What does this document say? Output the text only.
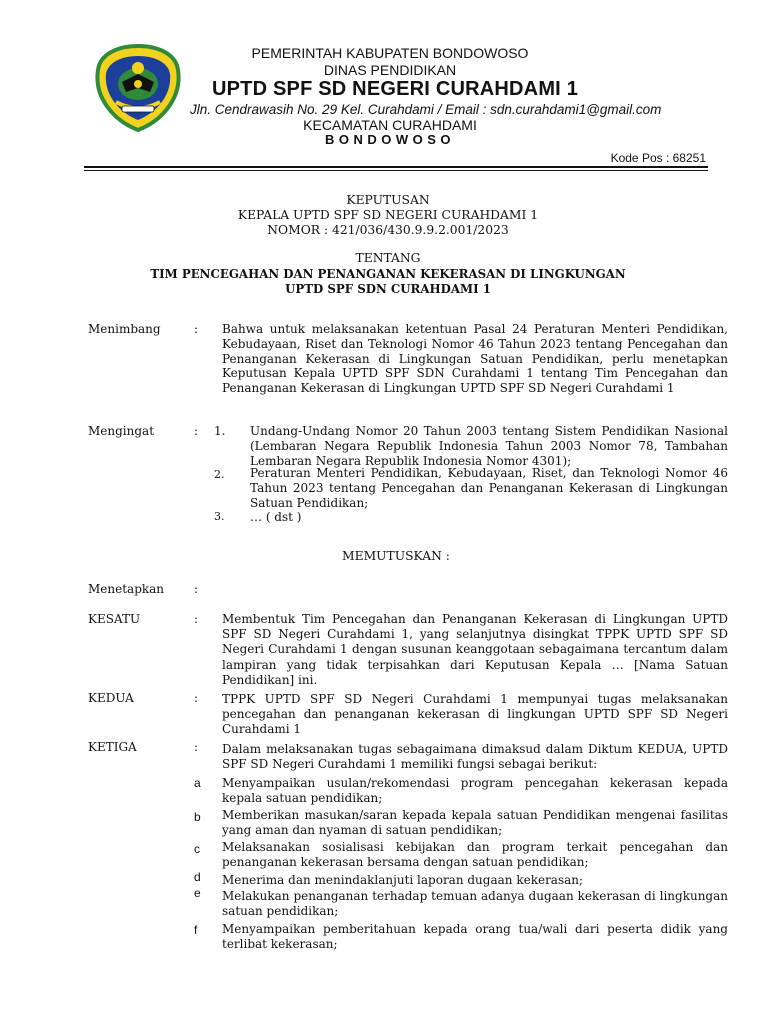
PEMERINTAH KABUPATEN BONDOWOSO
DINAS PENDIDIKAN
UPTD SPF SD NEGERI CURAHDAMI 1
Jln. Cendrawasih No. 29 Kel. Curahdami / Email : sdn.curahdami1@gmail.com
KECAMATAN CURAHDAMI
BONDOWOSO
Kode Pos : 68251
KEPUTUSAN
KEPALA UPTD SPF SD NEGERI CURAHDAMI 1
NOMOR : 421/036/430.9.9.2.001/2023
TENTANG
TIM PENCEGAHAN DAN PENANGANAN KEKERASAN DI LINGKUNGAN
UPTD SPF SDN CURAHDAMI 1
Menimbang	: Bahwa untuk melaksanakan ketentuan Pasal 24 Peraturan Menteri Pendidikan, Kebudayaan, Riset dan Teknologi Nomor 46 Tahun 2023 tentang Pencegahan dan Penanganan Kekerasan di Lingkungan Satuan Pendidikan, perlu menetapkan Keputusan Kepala UPTD SPF SDN Curahdami 1 tentang Tim Pencegahan dan Penanganan Kekerasan di Lingkungan UPTD SPF SD Negeri Curahdami 1
Mengingat	: 1. Undang-Undang Nomor 20 Tahun 2003 tentang Sistem Pendidikan Nasional (Lembaran Negara Republik Indonesia Tahun 2003 Nomor 78, Tambahan Lembaran Negara Republik Indonesia Nomor 4301);
2. Peraturan Menteri Pendidikan, Kebudayaan, Riset, dan Teknologi Nomor 46 Tahun 2023 tentang Pencegahan dan Penanganan Kekerasan di Lingkungan Satuan Pendidikan;
3. … ( dst )
MEMUTUSKAN :
Menetapkan :
KESATU	: Membentuk Tim Pencegahan dan Penanganan Kekerasan di Lingkungan UPTD SPF SD Negeri Curahdami 1, yang selanjutnya disingkat TPPK UPTD SPF SD Negeri Curahdami 1 dengan susunan keanggotaan sebagaimana tercantum dalam lampiran yang tidak terpisahkan dari Keputusan Kepala … [Nama Satuan Pendidikan] ini.
KEDUA	: TPPK UPTD SPF SD Negeri Curahdami 1 mempunyai tugas melaksanakan pencegahan dan penanganan kekerasan di lingkungan UPTD SPF SD Negeri Curahdami 1
KETIGA	: Dalam melaksanakan tugas sebagaimana dimaksud dalam Diktum KEDUA, UPTD SPF SD Negeri Curahdami 1 memiliki fungsi sebagai berikut:
a Menyampaikan usulan/rekomendasi program pencegahan kekerasan kepada kepala satuan pendidikan;
b Memberikan masukan/saran kepada kepala satuan Pendidikan mengenai fasilitas yang aman dan nyaman di satuan pendidikan;
c Melaksanakan sosialisasi kebijakan dan program terkait pencegahan dan penanganan kekerasan bersama dengan satuan pendidikan;
d Menerima dan menindaklanjuti laporan dugaan kekerasan;
e Melakukan penanganan terhadap temuan adanya dugaan kekerasan di lingkungan satuan pendidikan;
f Menyampaikan pemberitahuan kepada orang tua/wali dari peserta didik yang terlibat kekerasan;
